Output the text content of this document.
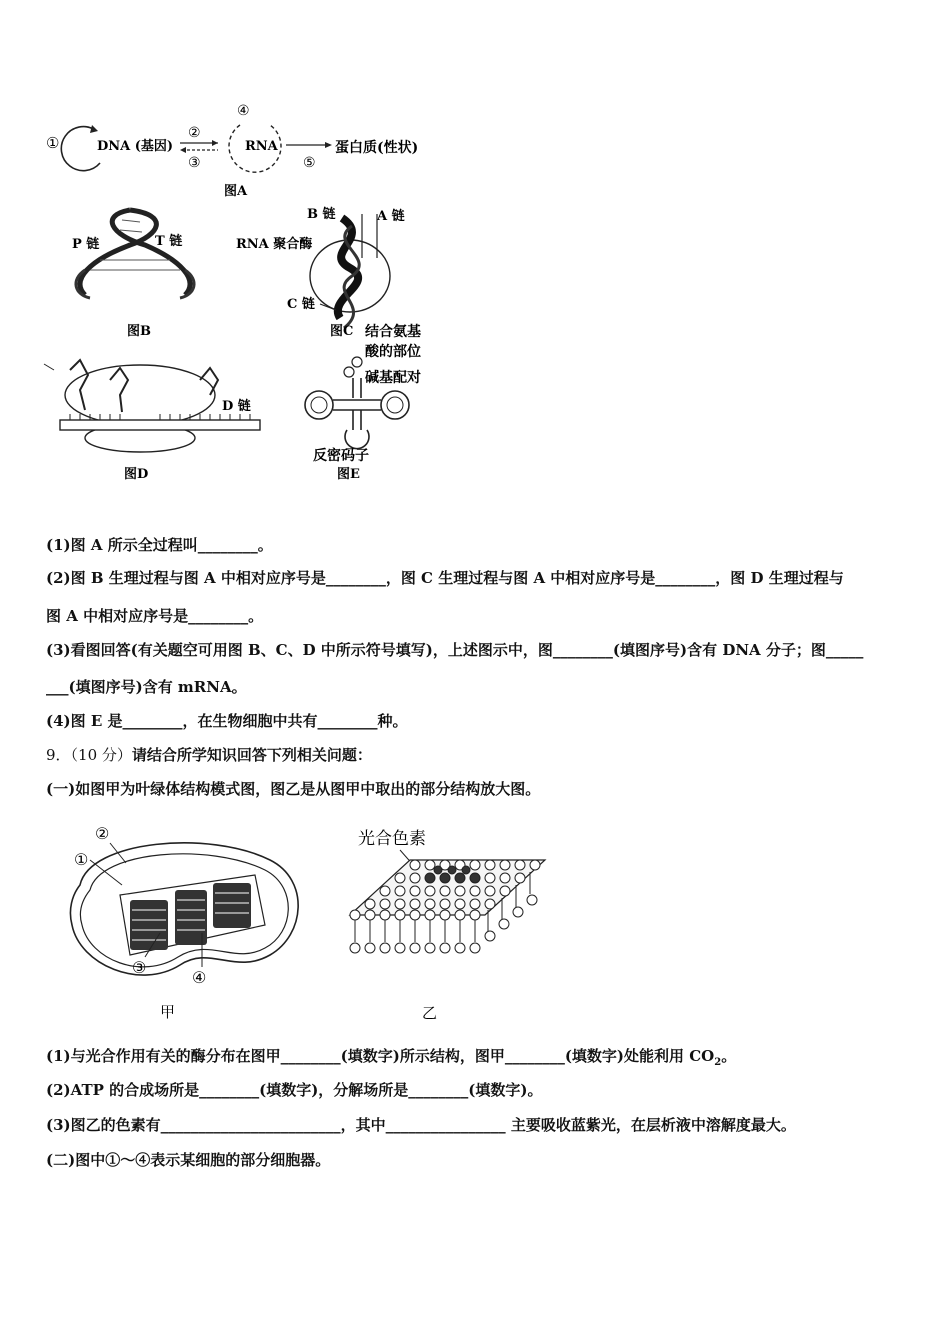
①	DNA (基因)
②
③
④
RNA
⑤
蛋白质(性状)
图A
P 链	T 链
图B
B 链	A 链
RNA 聚合酶
C 链
图C
D 链
图D
结合氨基
酸的部位
碱基配对
反密码子
图E
(1)图 A 所示全过程叫________。
(2)图 B 生理过程与图 A 中相对应序号是________，图 C 生理过程与图 A 中相对应序号是________，图 D 生理过程与
图 A 中相对应序号是________。
(3)看图回答(有关题空可用图 B、C、D 中所示符号填写)，上述图示中，图________(填图序号)含有 DNA 分子；图_____
___(填图序号)含有 mRNA。
(4)图 E 是________，在生物细胞中共有________种。
9．（10 分）请结合所学知识回答下列相关问题：
(一)如图甲为叶绿体结构模式图，图乙是从图甲中取出的部分结构放大图。
②
①
③
④
甲
光合色素
乙
(1)与光合作用有关的酶分布在图甲________(填数字)所示结构，图甲________(填数字)处能利用 $CO_2$。
(2)ATP 的合成场所是________(填数字)，分解场所是________(填数字)。
(3)图乙的色素有________________________，其中________________ 主要吸收蓝紫光，在层析液中溶解度最大。
(二)图中①～④表示某细胞的部分细胞器。
